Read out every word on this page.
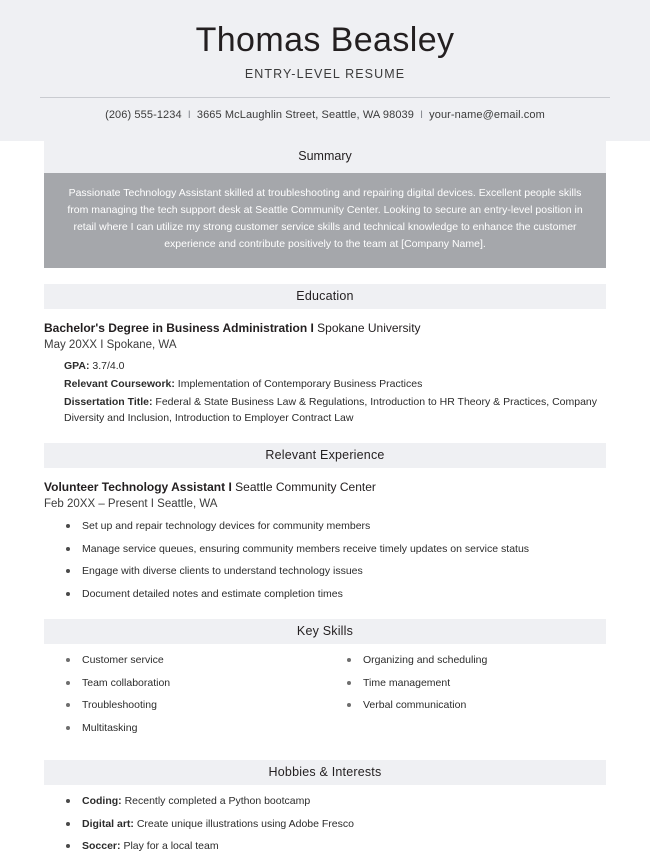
Thomas Beasley
ENTRY-LEVEL RESUME
(206) 555-1234 I 3665 McLaughlin Street, Seattle, WA 98039 I your-name@email.com
Summary
Passionate Technology Assistant skilled at troubleshooting and repairing digital devices. Excellent people skills from managing the tech support desk at Seattle Community Center. Looking to secure an entry-level position in retail where I can utilize my strong customer service skills and technical knowledge to enhance the customer experience and contribute positively to the team at [Company Name].
Education
Bachelor's Degree in Business Administration I Spokane University
May 20XX I Spokane, WA
GPA: 3.7/4.0
Relevant Coursework: Implementation of Contemporary Business Practices
Dissertation Title: Federal & State Business Law & Regulations, Introduction to HR Theory & Practices, Company Diversity and Inclusion, Introduction to Employer Contract Law
Relevant Experience
Volunteer Technology Assistant I Seattle Community Center
Feb 20XX – Present I Seattle, WA
Set up and repair technology devices for community members
Manage service queues, ensuring community members receive timely updates on service status
Engage with diverse clients to understand technology issues
Document detailed notes and estimate completion times
Key Skills
Customer service
Team collaboration
Troubleshooting
Multitasking
Organizing and scheduling
Time management
Verbal communication
Hobbies & Interests
Coding: Recently completed a Python bootcamp
Digital art: Create unique illustrations using Adobe Fresco
Soccer: Play for a local team
